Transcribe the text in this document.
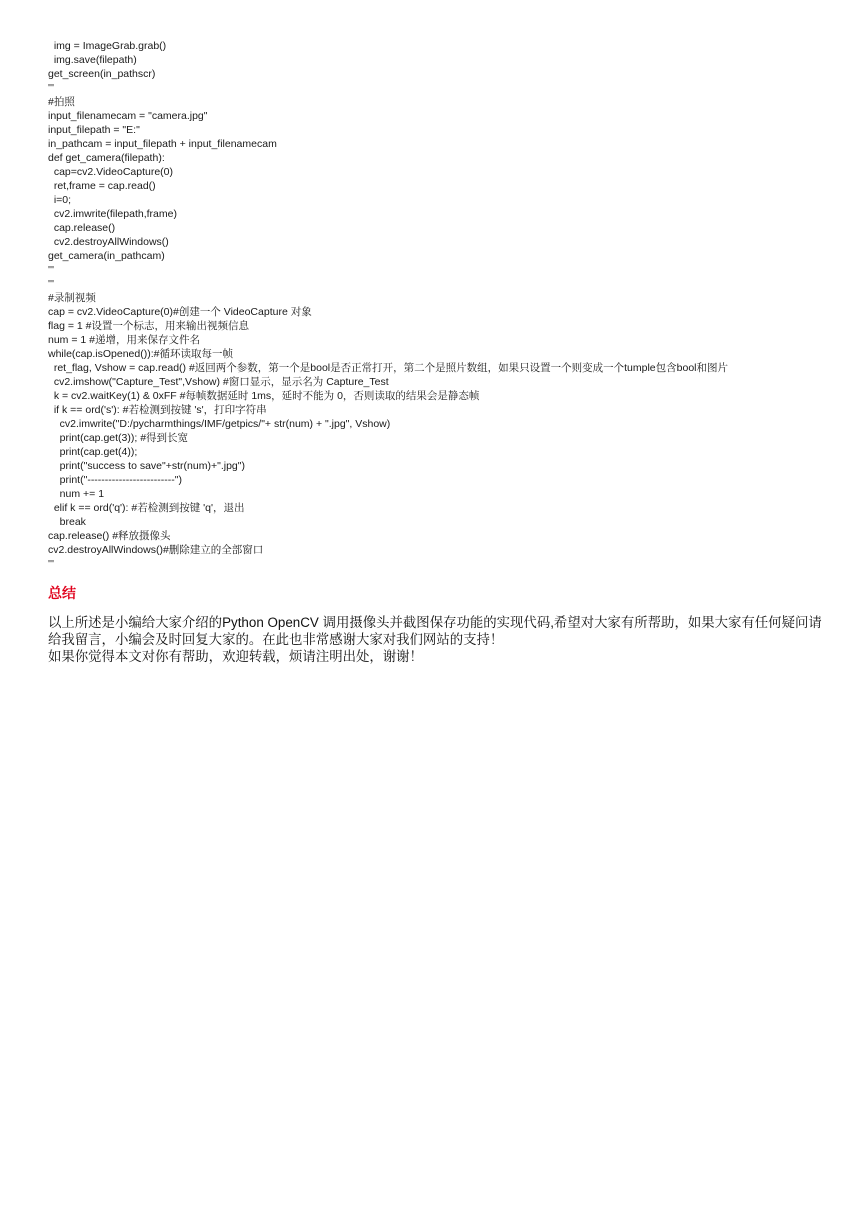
img = ImageGrab.grab()
img.save(filepath)
get_screen(in_pathscr)
'''
#拍照
input_filenamecam = "camera.jpg"
input_filepath = "E:"
in_pathcam = input_filepath + input_filenamecam
def get_camera(filepath):
cap=cv2.VideoCapture(0)
ret,frame = cap.read()
i=0;
cv2.imwrite(filepath,frame)
cap.release()
cv2.destroyAllWindows()
get_camera(in_pathcam)
'''
'''
#录制视频
cap = cv2.VideoCapture(0)#创建一个 VideoCapture 对象
flag = 1 #设置一个标志，用来输出视频信息
num = 1 #递增，用来保存文件名
while(cap.isOpened()):#循环读取每一帧
ret_flag, Vshow = cap.read() #返回两个参数，第一个是bool是否正常打开，第二个是照片数组，如果只设置一个则变成一个tumple包含bool和图片
cv2.imshow("Capture_Test",Vshow) #窗口显示，显示名为 Capture_Test
k = cv2.waitKey(1) & 0xFF #每帧数据延时 1ms，延时不能为 0，否则读取的结果会是静态帧
if k == ord('s'): #若检测到按键 's'，打印字符串
cv2.imwrite("D:/pycharmthings/IMF/getpics/"+ str(num) + ".jpg", Vshow)
print(cap.get(3)); #得到长宽
print(cap.get(4));
print("success to save"+str(num)+".jpg")
print("-------------------------")
num += 1
elif k == ord('q'): #若检测到按键 'q'，退出
break
cap.release() #释放摄像头
cv2.destroyAllWindows()#删除建立的全部窗口
'''
总结

以上所述是小编给大家介绍的Python OpenCV 调用摄像头并截图保存功能的实现代码,希望对大家有所帮助，如果大家有任何疑问请给我留言，小编会及时回复大家的。在此也非常感谢大家对我们网站的支持！

如果你觉得本文对你有帮助，欢迎转载，烦请注明出处，谢谢！
